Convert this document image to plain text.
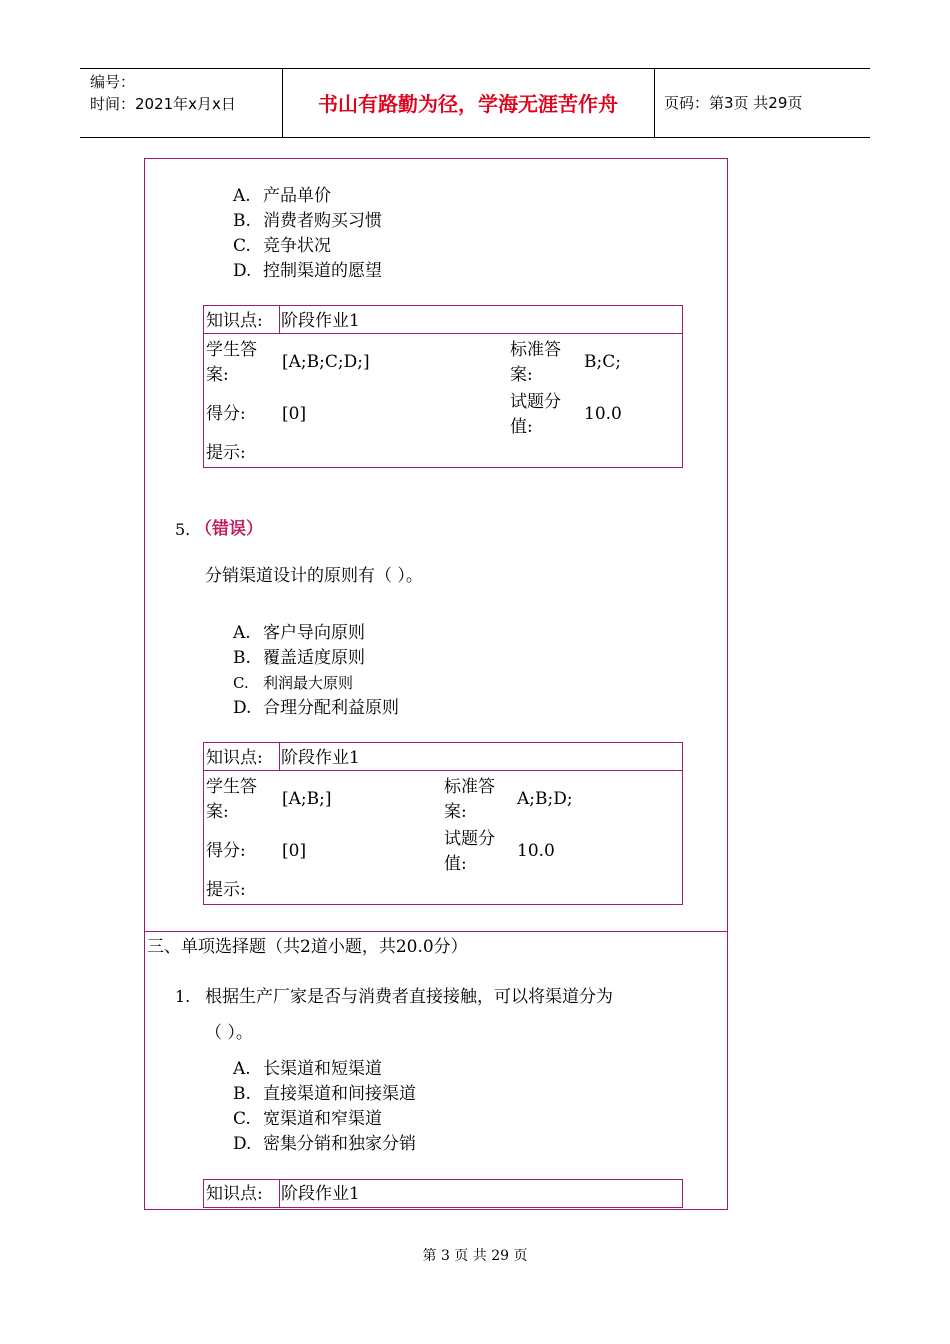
编号：
时间：2021年x月x日	书山有路勤为径，学海无涯苦作舟	页码：第3页 共29页
A. 产品单价
B. 消费者购买习惯
C. 竞争状况
D. 控制渠道的愿望
知识点: 阶段作业1
学生答案:
[A;B;C;D;]
标准答案:
B;C;
得分: [0]
试题分值:
10.0
提示:
5. （错误）
分销渠道设计的原则有（ ）。
A. 客户导向原则
B. 覆盖适度原则
C. 利润最大原则
D. 合理分配利益原则
知识点: 阶段作业1
学生答案:
[A;B;]
标准答案:
A;B;D;
得分: [0]
试题分值:
10.0
提示:
三、单项选择题（共2道小题，共20.0分）
1. 根据生产厂家是否与消费者直接接触，可以将渠道分为
（ ）。
A. 长渠道和短渠道
B. 直接渠道和间接渠道
C. 宽渠道和窄渠道
D. 密集分销和独家分销
知识点: 阶段作业1
第 3 页 共 29 页
